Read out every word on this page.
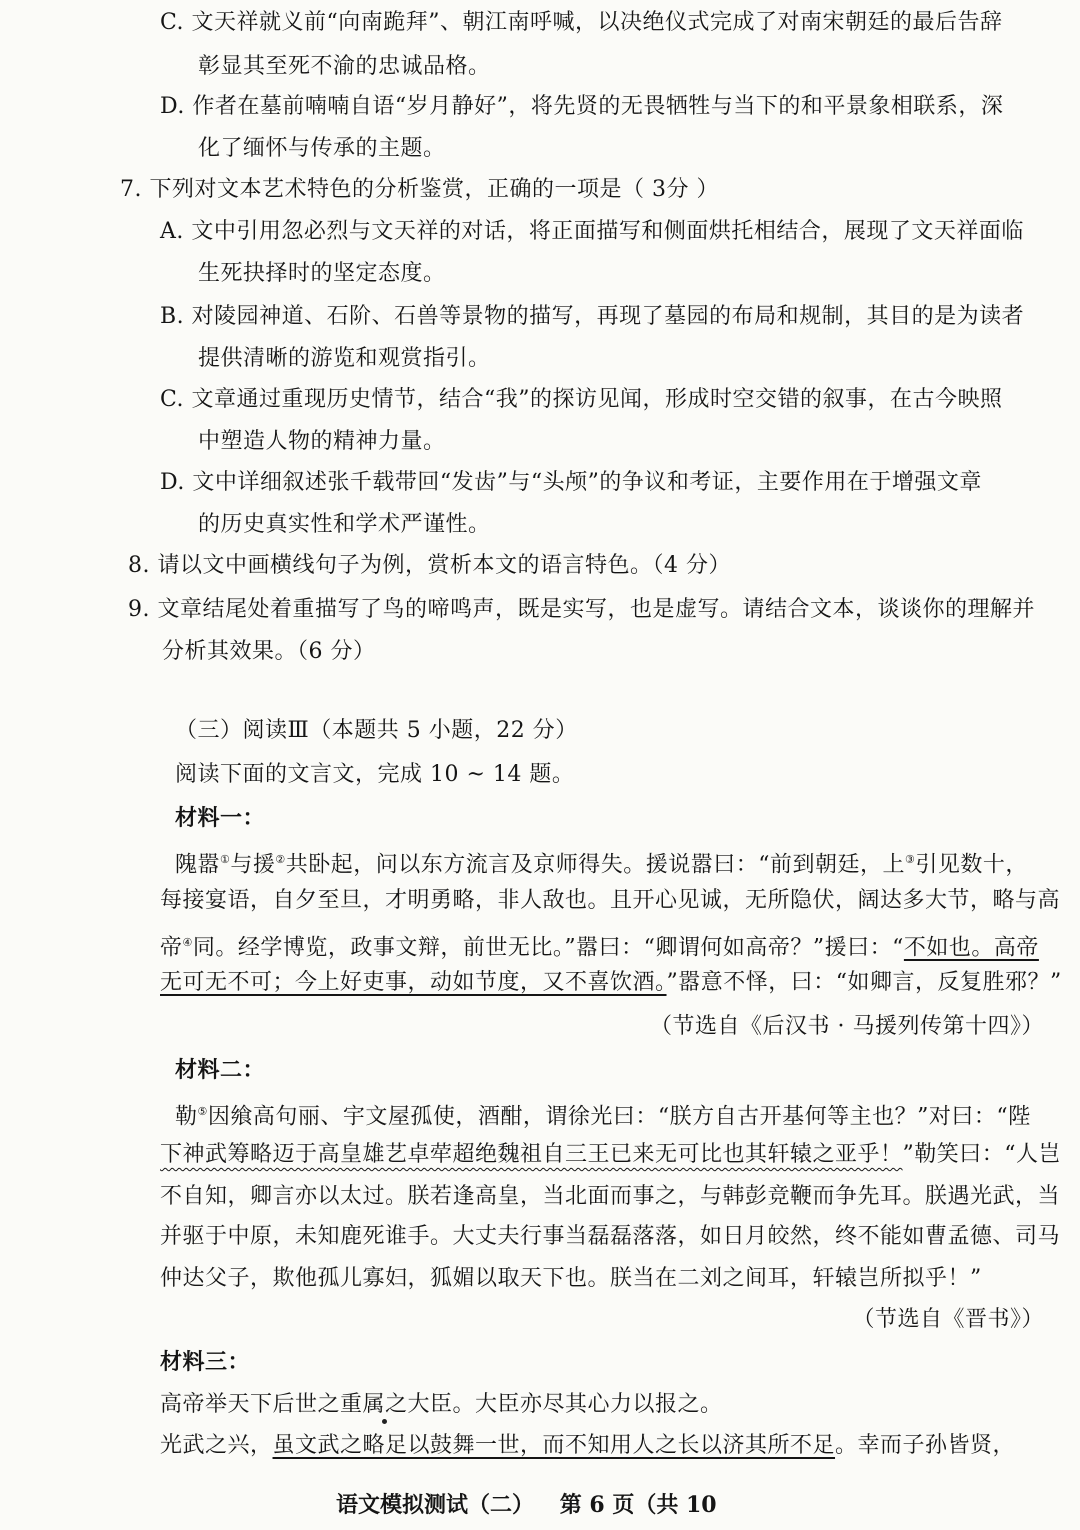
C. 文天祥就义前“向南跪拜”、朝江南呼喊，以决绝仪式完成了对南宋朝廷的最后告辞
彰显其至死不渝的忠诚品格。
D. 作者在墓前喃喃自语“岁月静好”，将先贤的无畏牺牲与当下的和平景象相联系，深
化了缅怀与传承的主题。
7. 下列对文本艺术特色的分析鉴赏，正确的一项是（ 3分 ）
A. 文中引用忽必烈与文天祥的对话，将正面描写和侧面烘托相结合，展现了文天祥面临
生死抉择时的坚定态度。
B. 对陵园神道、石阶、石兽等景物的描写，再现了墓园的布局和规制，其目的是为读者
提供清晰的游览和观赏指引。
C. 文章通过重现历史情节，结合“我”的探访见闻，形成时空交错的叙事，在古今映照
中塑造人物的精神力量。
D. 文中详细叙述张千载带回“发齿”与“头颅”的争议和考证，主要作用在于增强文章
的历史真实性和学术严谨性。
8. 请以文中画横线句子为例，赏析本文的语言特色。（4 分）
9. 文章结尾处着重描写了鸟的啼鸣声，既是实写，也是虚写。请结合文本，谈谈你的理解并
分析其效果。（6 分）
（三）阅读Ⅲ（本题共 5 小题，22 分）
阅读下面的文言文，完成 10 ~ 14 题。
材料一：
隗嚣①与援②共卧起，问以东方流言及京师得失。援说嚣曰：“前到朝廷，上③引见数十，
每接宴语，自夕至旦，才明勇略，非人敌也。且开心见诚，无所隐伏，阔达多大节，略与高
帝④同。经学博览，政事文辩，前世无比。”嚣曰：“卿谓何如高帝？”援曰：“不如也。高帝
无可无不可；今上好吏事，动如节度，又不喜饮酒。”嚣意不怿，曰：“如卿言，反复胜邪？”
（节选自《后汉书 · 马援列传第十四》）
材料二：
勒⑤因飨高句丽、宇文屋孤使，酒酣，谓徐光曰：“朕方自古开基何等主也？”对曰：“陛
下神武筹略迈于高皇雄艺卓荦超绝魏祖自三王已来无可比也其轩辕之亚乎！”勒笑曰：“人岂
不自知，卿言亦以太过。朕若逢高皇，当北面而事之，与韩彭竞鞭而争先耳。朕遇光武，当
并驱于中原，未知鹿死谁手。大丈夫行事当磊磊落落，如日月皎然，终不能如曹孟德、司马
仲达父子，欺他孤儿寡妇，狐媚以取天下也。朕当在二刘之间耳，轩辕岂所拟乎！”
（节选自《晋书》）
材料三：
高帝举天下后世之重属之大臣。大臣亦尽其心力以报之。
光武之兴，虽文武之略足以鼓舞一世，而不知用人之长以济其所不足。幸而子孙皆贤，
语文模拟测试（二） 第 6 页（共 10
